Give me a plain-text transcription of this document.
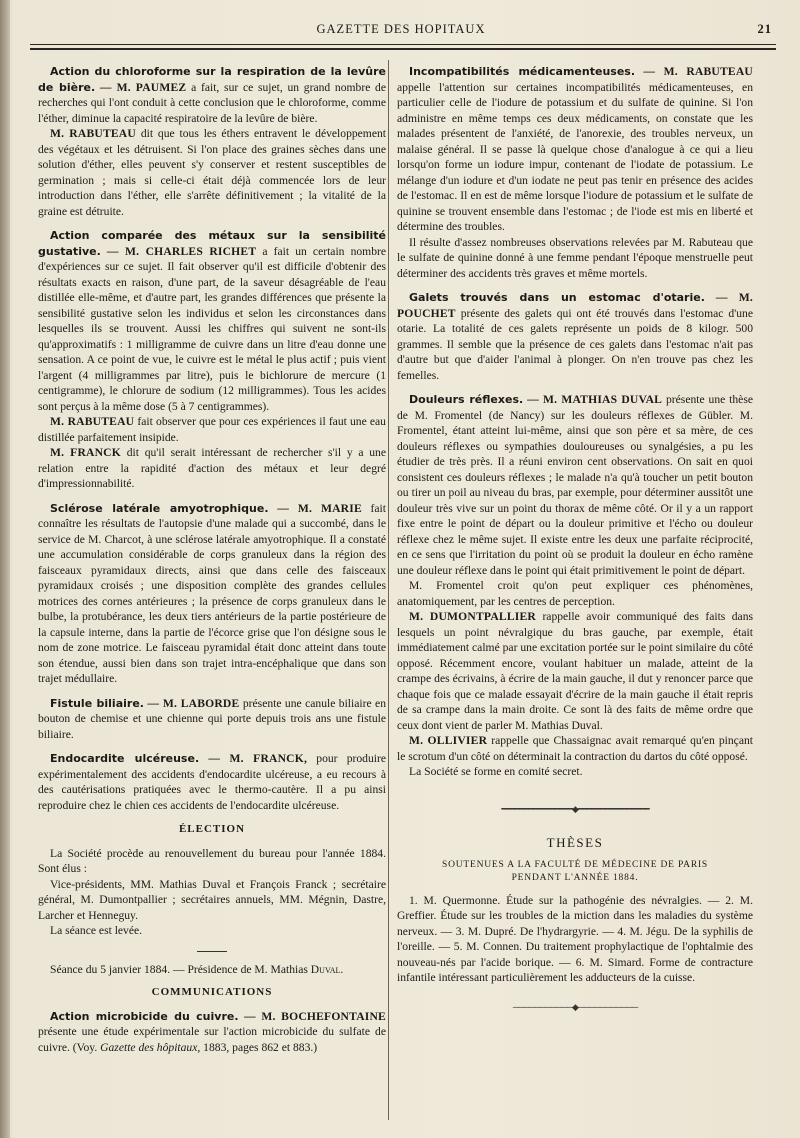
GAZETTE DES HOPITAUX	21

Action du chloroforme sur la respiration de la levûre de bière. — M. PAUMEZ a fait, sur ce sujet, un grand nombre de recherches qui l'ont conduit à cette conclusion que le chloroforme, comme l'éther, diminue la capacité respiratoire de la levûre de bière.

M. RABUTEAU dit que tous les éthers entravent le développement des végétaux et les détruisent. Si l'on place des graines sèches dans une solution d'éther, elles peuvent s'y conserver et restent susceptibles de germination ; mais si celle-ci était déjà commencée lors de leur introduction dans l'éther, elle s'arrête définitivement ; la vitalité de la graine est détruite.

Action comparée des métaux sur la sensibilité gustative. — M. CHARLES RICHET a fait un certain nombre d'expériences sur ce sujet. Il fait observer qu'il est difficile d'obtenir des résultats exacts en raison, d'une part, de la saveur désagréable de l'eau distillée elle-même, et d'autre part, les grandes différences que présente la sensibilité gustative selon les individus et selon les circonstances dans lesquelles ils se trouvent. Aussi les chiffres qui suivent ne sont-ils qu'approximatifs : 1 milligramme de cuivre dans un litre d'eau donne une sensation. A ce point de vue, le cuivre est le métal le plus actif ; puis vient l'argent (4 milligrammes par litre), puis le bichlorure de mercure (1 centigramme), le chlorure de sodium (12 milligrammes). Tous les acides sont perçus à la même dose (5 à 7 centigrammes).

M. RABUTEAU fait observer que pour ces expériences il faut une eau distillée parfaitement insipide.

M. FRANCK dit qu'il serait intéressant de rechercher s'il y a une relation entre la rapidité d'action des métaux et leur degré d'impressionnabilité.

Sclérose latérale amyotrophique. — M. MARIE fait connaître les résultats de l'autopsie d'une malade qui a succombé, dans le service de M. Charcot, à une sclérose latérale amyotrophique. Il a constaté une accumulation considérable de corps granuleux dans la région des faisceaux pyramidaux directs, ainsi que dans celle des faisceaux pyramidaux croisés ; une disposition complète des grandes cellules motrices des cornes antérieures ; la présence de corps granuleux dans le bulbe, la protubérance, les deux tiers antérieurs de la partie postérieure de la capsule interne, dans la partie de l'écorce grise que l'on désigne sous le nom de zone motrice. Le faisceau pyramidal était donc atteint dans toute son étendue, aussi bien dans son trajet intra-encéphalique que dans son trajet médullaire.

Fistule biliaire. — M. LABORDE présente une canule biliaire en bouton de chemise et une chienne qui porte depuis trois ans une fistule biliaire.

Endocardite ulcéreuse. — M. FRANCK, pour produire expérimentalement des accidents d'endocardite ulcéreuse, a eu recours à des cautérisations pratiquées avec le thermo-cautère. Il a pu ainsi reproduire chez le chien ces accidents de l'endocardite ulcéreuse.

ÉLECTION

La Société procède au renouvellement du bureau pour l'année 1884. Sont élus :

Vice-présidents, MM. Mathias Duval et François Franck ; secrétaire général, M. Dumontpallier ; secrétaires annuels, MM. Mégnin, Dastre, Larcher et Henneguy.

La séance est levée.

Séance du 5 janvier 1884. — Présidence de M. Mathias Duval.

COMMUNICATIONS

Action microbicide du cuivre. — M. BOCHEFONTAINE présente une étude expérimentale sur l'action microbicide du sulfate de cuivre. (Voy. Gazette des hôpitaux, 1883, pages 862 et 883.)

Incompatibilités médicamenteuses. — M. RABUTEAU appelle l'attention sur certaines incompatibilités médicamenteuses, en particulier celle de l'iodure de potassium et du sulfate de quinine. Si l'on administre en même temps ces deux médicaments, on constate que les malades présentent de l'anxiété, de l'anorexie, des troubles nerveux, un malaise général. Il se passe là quelque chose d'analogue à ce qui a lieu lorsqu'on forme un iodure impur, contenant de l'iodate de potassium. Le mélange d'un iodure et d'un iodate ne peut pas tenir en présence des acides de l'estomac. Il en est de même lorsque l'iodure de potassium et le sulfate de quinine se trouvent ensemble dans l'estomac ; de l'iode est mis en liberté et détermine des troubles.

Il résulte d'assez nombreuses observations relevées par M. Rabuteau que le sulfate de quinine donné à une femme pendant l'époque menstruelle peut déterminer des accidents très graves et même mortels.

Galets trouvés dans un estomac d'otarie. — M. POUCHET présente des galets qui ont été trouvés dans l'estomac d'une otarie. La totalité de ces galets représente un poids de 8 kilogr. 500 grammes. Il semble que la présence de ces galets dans l'estomac n'ait pas d'autre but que d'aider l'animal à plonger. On n'en trouve pas chez les femelles.

Douleurs réflexes. — M. MATHIAS DUVAL présente une thèse de M. Fromentel (de Nancy) sur les douleurs réflexes de Gübler. M. Fromentel, étant atteint lui-même, ainsi que son père et sa mère, de ces douleurs réflexes ou sympathies douloureuses ou synalgésies, a pu les étudier de très près. Il a réuni environ cent observations. On sait en quoi consistent ces douleurs réflexes ; le malade n'a qu'à toucher un petit bouton ou tirer un poil au niveau du bras, par exemple, pour déterminer aussitôt une douleur très vive sur un point du thorax de même côté. Or il y a un rapport fixe entre le point de départ ou la douleur primitive et l'écho ou douleur réflexe chez le même sujet. Il existe entre les deux une parfaite réciprocité, en ce sens que l'irritation du point où se produit la douleur en écho ramène une douleur réflexe dans le point qui était primitivement le point de départ.

M. Fromentel croit qu'on peut expliquer ces phénomènes, anatomiquement, par les centres de perception.

M. DUMONTPALLIER rappelle avoir communiqué des faits dans lesquels un point névralgique du bras gauche, par exemple, était immédiatement calmé par une excitation portée sur le point similaire du côté opposé. Récemment encore, voulant habituer un malade, atteint de la crampe des écrivains, à écrire de la main gauche, il dut y renoncer parce que chaque fois que ce malade essayait d'écrire de la main gauche il était repris de sa crampe dans la main droite. Ce sont là des faits de même ordre que ceux dont vient de parler M. Mathias Duval.

M. OLLIVIER rappelle que Chassaignac avait remarqué qu'en pinçant le scrotum d'un côté on déterminait la contraction du dartos du côté opposé.

La Société se forme en comité secret.

━━━━━━━━━━━━━━━━◆━━━━━━━━━━━━━━━━
THÈSES
SOUTENUES A LA FACULTÉ DE MÉDECINE DE PARIS
PENDANT L'ANNÉE 1884.

1. M. Quermonne. Étude sur la pathogénie des névralgies. — 2. M. Greffier. Étude sur les troubles de la miction dans les maladies du système nerveux. — 3. M. Dupré. De l'hydrargyrie. — 4. M. Jégu. De la syphilis de l'oreille. — 5. M. Connen. Du traitement prophylactique de l'ophtalmie des nouveau-nés par l'acide borique. — 6. M. Simard. Forme de contracture infantile intéressant particulièrement les adducteurs de la cuisse.

───────────◆───────────
